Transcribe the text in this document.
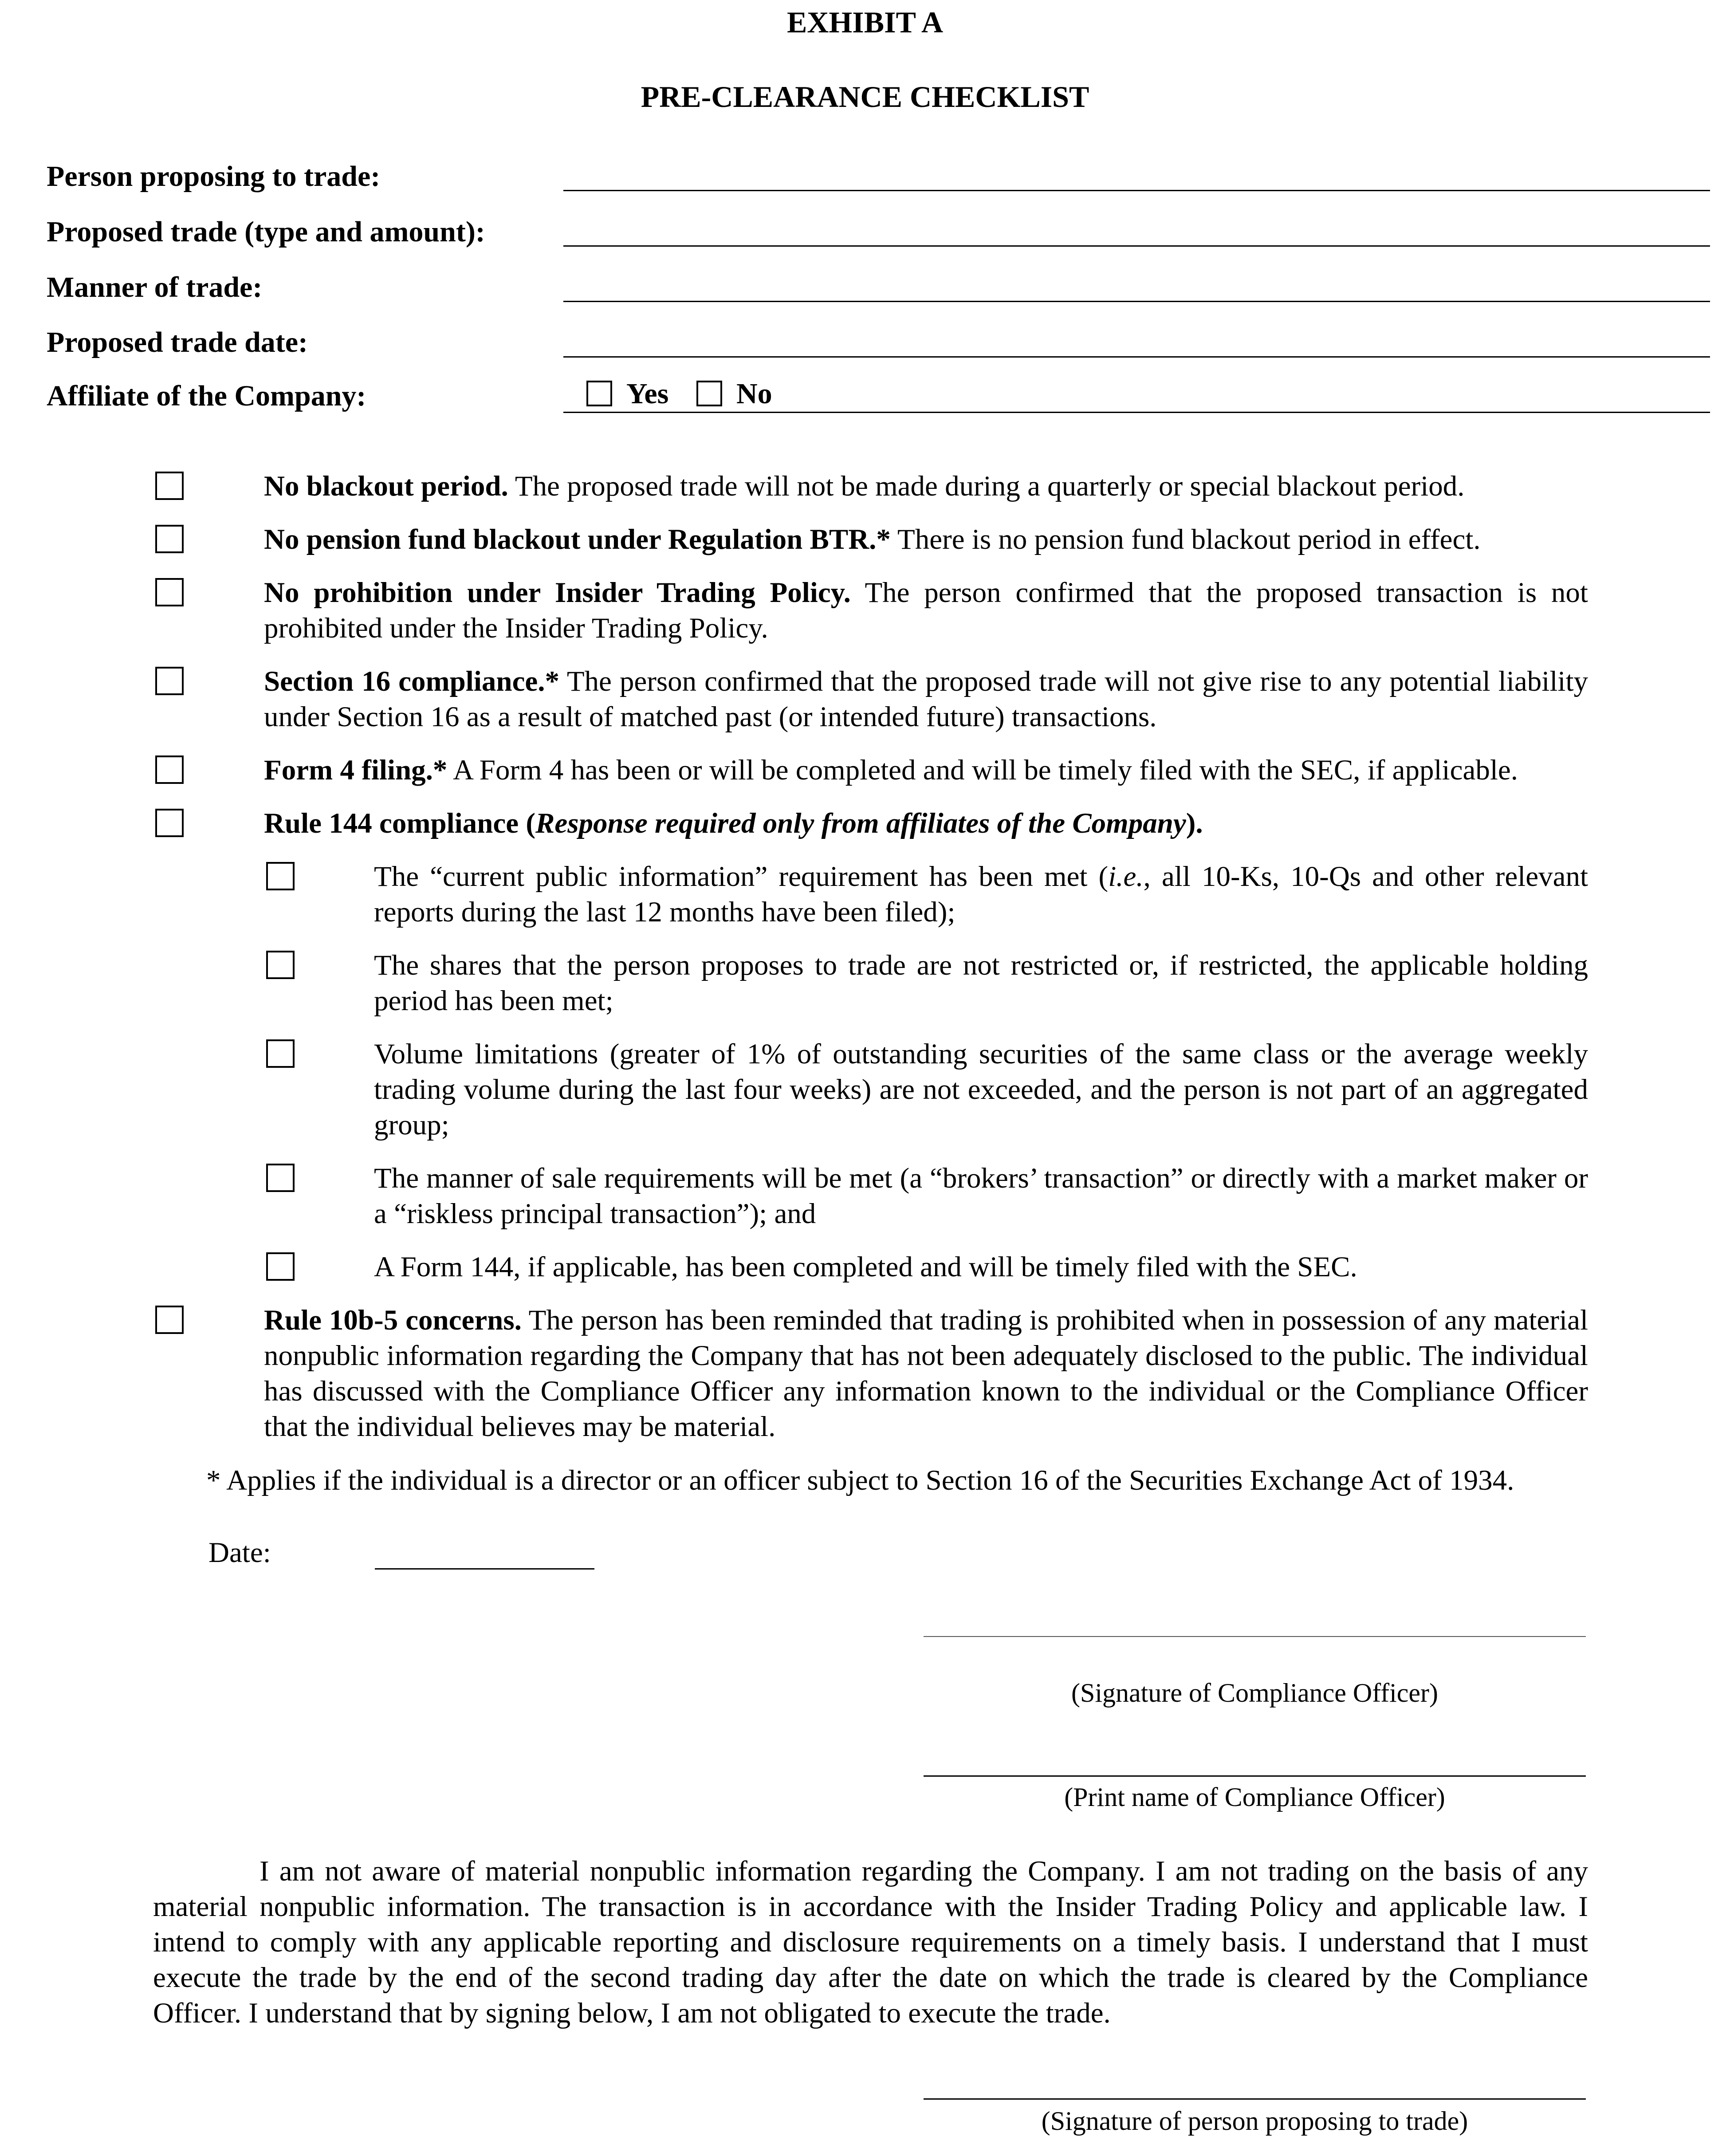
EXHIBIT A
PRE-CLEARANCE CHECKLIST
Person proposing to trade:
Proposed trade (type and amount):
Manner of trade:
Proposed trade date:
Affiliate of the Company:	Yes No
No blackout period. The proposed trade will not be made during a quarterly or special blackout period.
No pension fund blackout under Regulation BTR.* There is no pension fund blackout period in effect.
No prohibition under Insider Trading Policy. The person confirmed that the proposed transaction is not prohibited under the Insider Trading Policy.
Section 16 compliance.* The person confirmed that the proposed trade will not give rise to any potential liability under Section 16 as a result of matched past (or intended future) transactions.
Form 4 filing.* A Form 4 has been or will be completed and will be timely filed with the SEC, if applicable.
Rule 144 compliance (Response required only from affiliates of the Company).
The “current public information” requirement has been met (i.e., all 10-Ks, 10-Qs and other relevant reports during the last 12 months have been filed);
The shares that the person proposes to trade are not restricted or, if restricted, the applicable holding period has been met;
Volume limitations (greater of 1% of outstanding securities of the same class or the average weekly trading volume during the last four weeks) are not exceeded, and the person is not part of an aggregated group;
The manner of sale requirements will be met (a “brokers’ transaction” or directly with a market maker or a “riskless principal transaction”); and
A Form 144, if applicable, has been completed and will be timely filed with the SEC.
Rule 10b-5 concerns. The person has been reminded that trading is prohibited when in possession of any material nonpublic information regarding the Company that has not been adequately disclosed to the public. The individual has discussed with the Compliance Officer any information known to the individual or the Compliance Officer that the individual believes may be material.
* Applies if the individual is a director or an officer subject to Section 16 of the Securities Exchange Act of 1934.
Date:
(Signature of Compliance Officer)
(Print name of Compliance Officer)
I am not aware of material nonpublic information regarding the Company. I am not trading on the basis of any material nonpublic information. The transaction is in accordance with the Insider Trading Policy and applicable law. I intend to comply with any applicable reporting and disclosure requirements on a timely basis. I understand that I must execute the trade by the end of the second trading day after the date on which the trade is cleared by the Compliance Officer. I understand that by signing below, I am not obligated to execute the trade.
(Signature of person proposing to trade)
